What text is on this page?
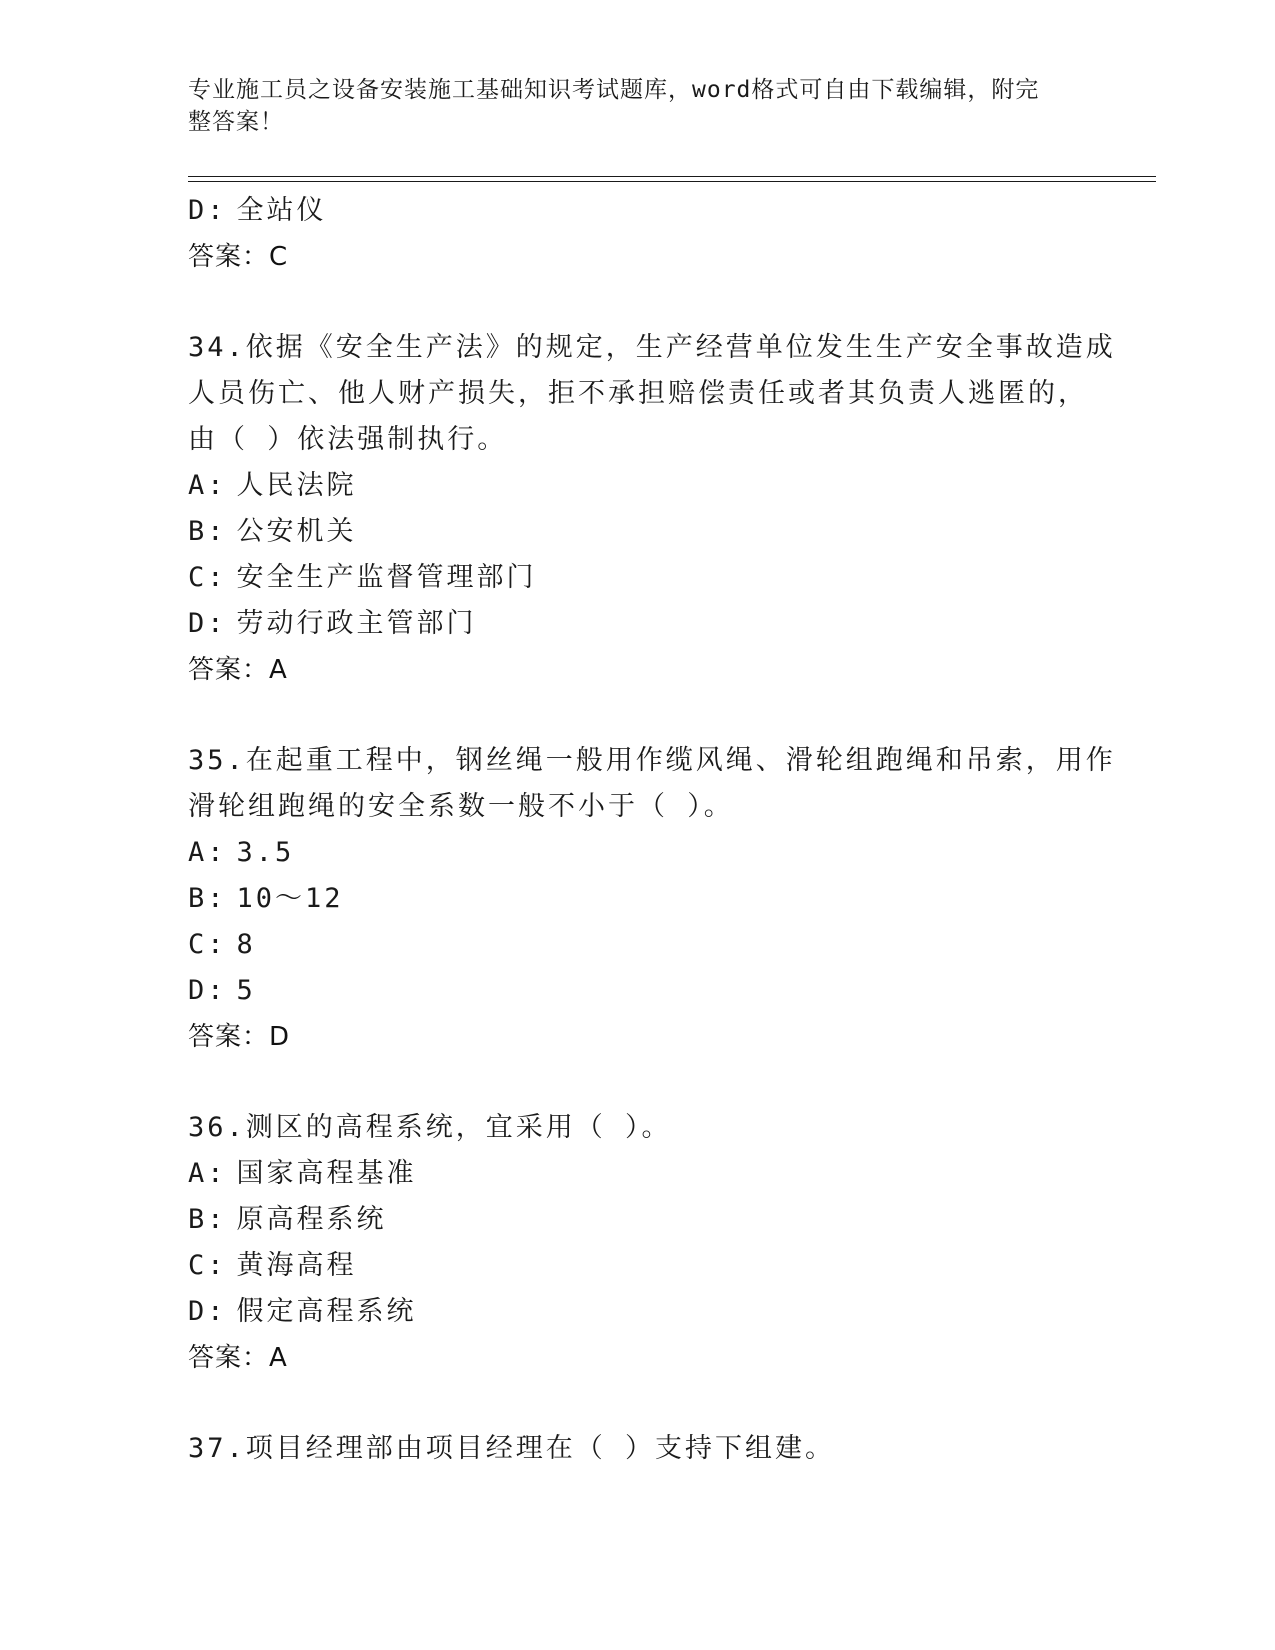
专业施工员之设备安装施工基础知识考试题库，word格式可自由下载编辑，附完
整答案！
D: 全站仪
答案：C
34.依据《安全生产法》的规定，生产经营单位发生生产安全事故造成
人员伤亡、他人财产损失，拒不承担赔偿责任或者其负责人逃匿的，
由（ ）依法强制执行。
A: 人民法院
B: 公安机关
C: 安全生产监督管理部门
D: 劳动行政主管部门
答案：A
35.在起重工程中，钢丝绳一般用作缆风绳、滑轮组跑绳和吊索，用作
滑轮组跑绳的安全系数一般不小于（ ）。
A: 3.5
B: 10～12
C: 8
D: 5
答案：D
36.测区的高程系统，宜采用（ ）。
A: 国家高程基准
B: 原高程系统
C: 黄海高程
D: 假定高程系统
答案：A
37.项目经理部由项目经理在（ ）支持下组建。
